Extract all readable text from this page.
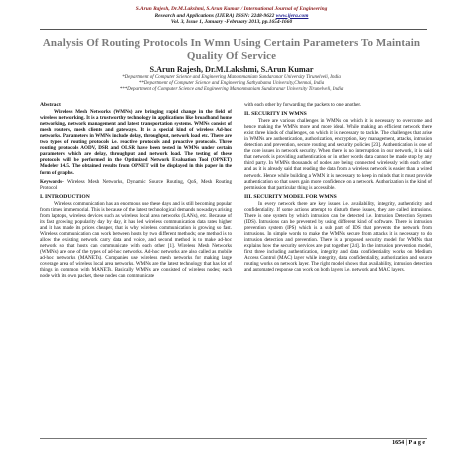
S.Arun Rajesh, Dr.M.Lakshmi, S.Arun Kumar / International Journal of Engineering
Research and Applications (IJERA) ISSN: 2248-9622 www.ijera.com
Vol. 3, Issue 1, January -February 2013, pp.1654-1660
Analysis Of Routing Protocols In Wmn Using Certain Parameters To Maintain Quality Of Service
S.Arun Rajesh, Dr.M.Lakshmi, S.Arun Kumar
*Department of Computer Science and Engineering Manonmaniam Sundaranar University Tirunelveli, India
**Department of Computer Science and Engineering Sathyabama University,Chennai, India
***Department of Computer Science and Engineering Manonmaniam Sundaranar University Tirunelveli, India
Abstract
Wireless Mesh Networks (WMNs) are bringing rapid change in the field of wireless networking. It is a trustworthy technology in applications like broadband home networking, network management and latest transportation systems. WMNs consist of mesh routers, mesh clients and gateways. It is a special kind of wireless Ad-hoc networks. Parameters in WMNs include delay, throughput, network load etc. There are two types of routing protocols i.e. reactive protocols and proactive protocols. Three routing protocols AODV, DSR and OLSR have been tested in WMNs under certain parameters which are delay, throughput and network load. The testing of these protocols will be performed in the Optimized Network Evaluation Tool (OPNET) Modeler 14.5. The obtained results from OPNET will be displayed in this paper in the form of graphs.
Keywords- Wireless Mesh Networks, Dynamic Source Routing, QoS, Mesh Routing Protocol
I. INTRODUCTION
Wireless communication has an enormous use these days and is still becoming popular from times immemorial. This is because of the latest technological demands nowadays arising from laptops, wireless devices such as wireless local area networks (LANs), etc. Because of its fast growing popularity day by day, it has led wireless communication data rates higher and it has made its prices cheaper, that is why wireless communication is growing so fast. Wireless communication can work between hosts by two different methods; one method is to allow the existing network carry data and voice, and second method is to make ad-hoc network so that hosts can communicate with each other [1]. Wireless Mesh Networks (WMNs) are one of the types of ad-hoc networks. Ad-hoc networks are also called as mobile ad-hoc networks (MANETs). Companies use wireless mesh networks for making large coverage area of wireless local area networks. WMNs are the latest technology that has lot of things in common with MANETs. Basically WMNs are consisted of wireless nodes; each node with its own packet, these nodes can communicate
with each other by forwarding the packets to one another.
II. SECURITY IN WMNS
There are various challenges in WMNs on which it is necessary to overcome and hence making the WMNs more and more ideal. While making an efficient network there exist three kinds of challenges, on which it is necessary to tackle. The challenges that arise in WMNs are authentication, authorization, encryption, key management, attacks, intrusion detection and prevention, secure routing and security policies [23]. Authentication is one of the core issues in network security. When there is no interruption in our network, it is said that network is providing authentication or in other words data cannot be made stop by any third party. In WMNs thousands of nodes are being connected wirelessly with each other and as it is already said that reading the data from a wireless network is easier than a wired network. Hence while building a WMN it is necessary to keep in minds that it must provide authentication so that users gain more confidence on a network. Authorization is the kind of permission that particular thing is accessible.
III. SECURITY MODEL FOR WMNS
In every network there are key issues i.e. availability, integrity, authenticity and confidentiality. If some actions attempt to disturb these issues, they are called intrusions. There is one system by which intrusion can be detected i.e. Intrusion Detection System (IDS). Intrusions can be prevented by using different kind of software. There is intrusion prevention system (IPS) which is a sub part of IDS that prevents the network from intrusions. In simple words to make the WMNs secure from attacks it is necessary to do intrusion detection and prevention. There is a proposed security model for WMNs that explains how the security services are put together [24]. In the intrusion prevention model, first three including authentication, integrity and data confidentiality works on Medium Access Control (MAC) layer while integrity, data confidentiality, authorization and source routing works on network layer. The right model shows that availability, intrusion detection and automated response can work on both layers i.e. network and MAC layers.
1654 | P a g e
